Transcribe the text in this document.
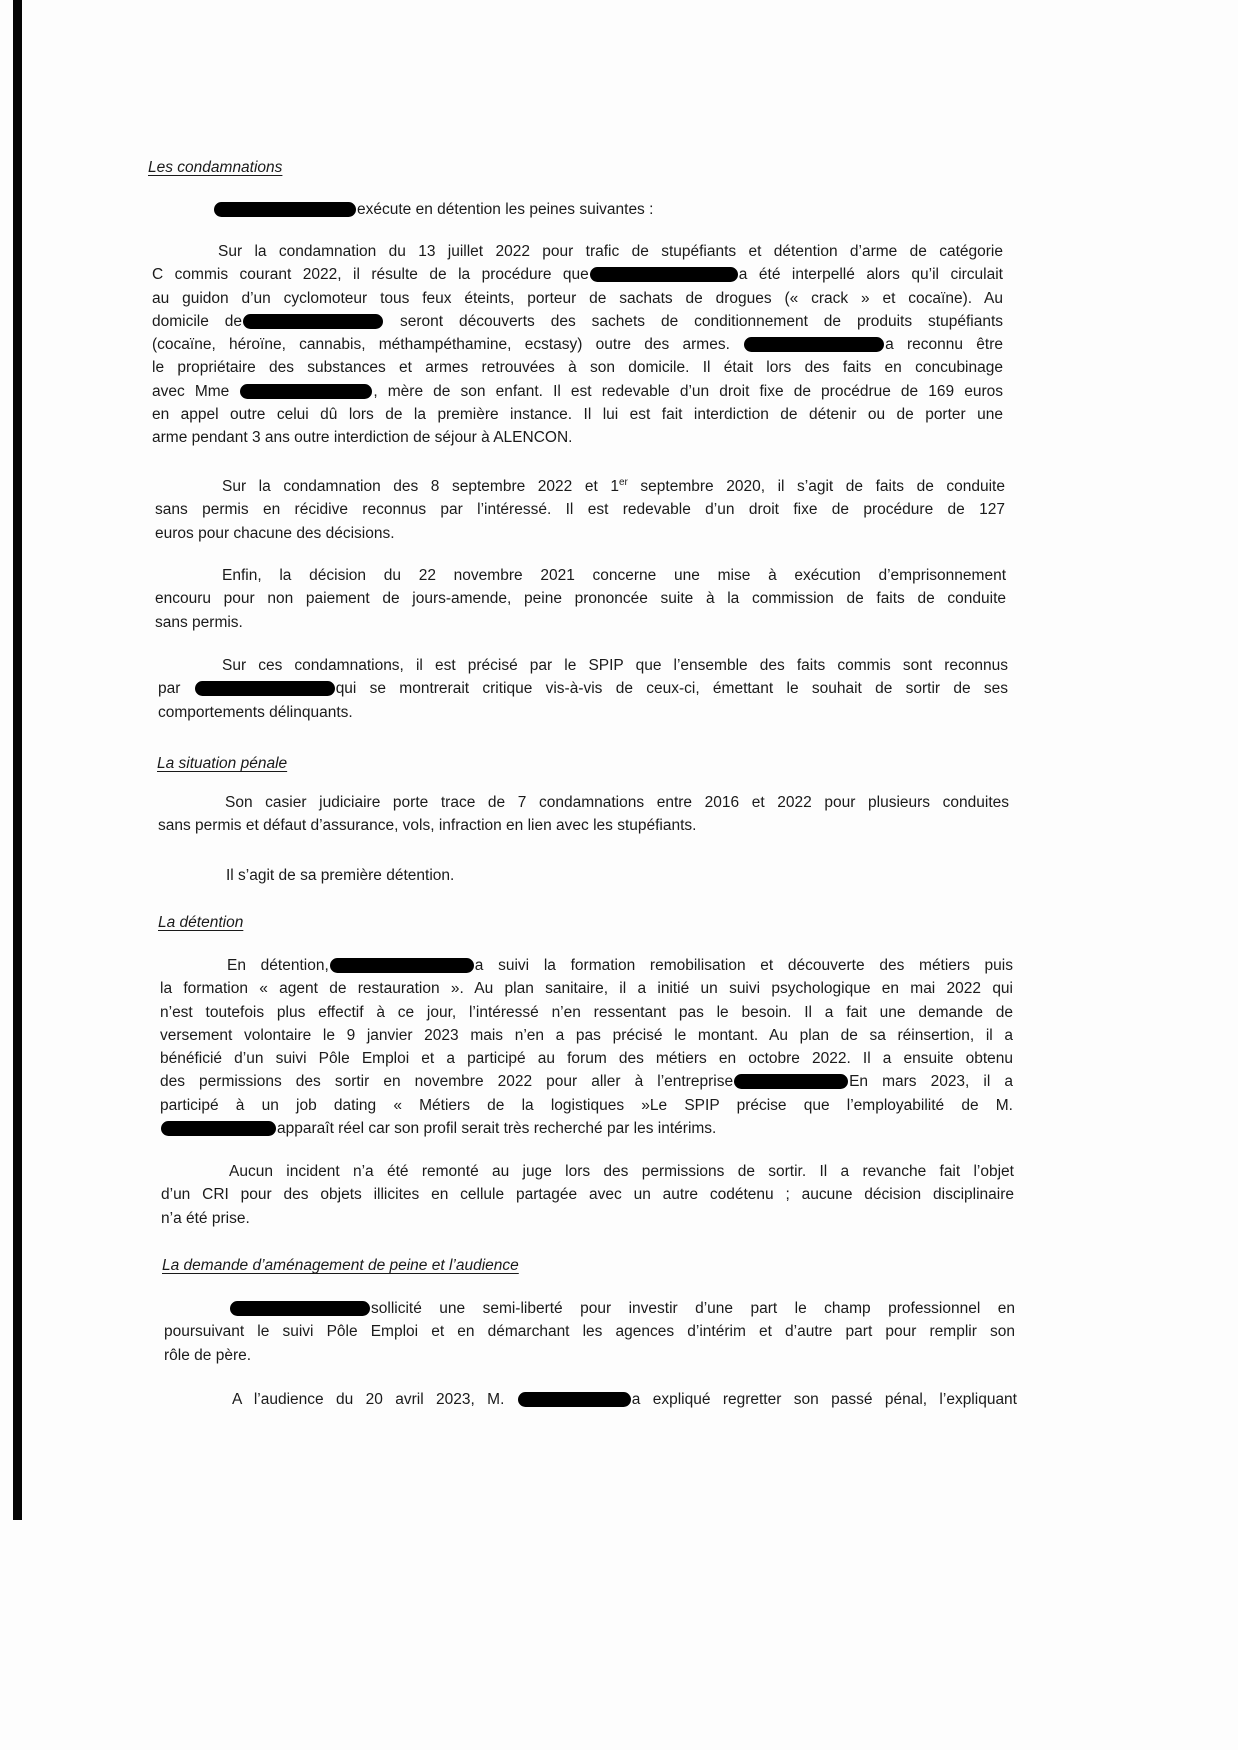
Les condamnations
exécute en détention les peines suivantes :
Sur la condamnation du 13 juillet 2022 pour trafic de stupéfiants et détention d’arme de catégorie
C commis courant 2022, il résulte de la procédure que	a été interpellé alors qu’il circulait
au guidon d’un cyclomoteur tous feux éteints, porteur de sachats de drogues (« crack » et cocaïne). Au
domicile de	seront découverts des sachets de conditionnement de produits stupéfiants
(cocaïne, héroïne, cannabis, méthampéthamine, ecstasy) outre des armes.	a reconnu être
le propriétaire des substances et armes retrouvées à son domicile. Il était lors des faits en concubinage
avec Mme	, mère de son enfant. Il est redevable d’un droit fixe de procédrue de 169 euros
en appel outre celui dû lors de la première instance. Il lui est fait interdiction de détenir ou de porter une
arme pendant 3 ans outre interdiction de séjour à ALENCON.
Sur la condamnation des 8 septembre 2022 et 1er septembre 2020, il s’agit de faits de conduite
sans permis en récidive reconnus par l’intéressé. Il est redevable d’un droit fixe de procédure de 127
euros pour chacune des décisions.
Enfin, la décision du 22 novembre 2021 concerne une mise à exécution d’emprisonnement
encouru pour non paiement de jours-amende, peine prononcée suite à la commission de faits de conduite
sans permis.
Sur ces condamnations, il est précisé par le SPIP que l’ensemble des faits commis sont reconnus
par	qui se montrerait critique vis-à-vis de ceux-ci, émettant le souhait de sortir de ses
comportements délinquants.
La situation pénale
Son casier judiciaire porte trace de 7 condamnations entre 2016 et 2022 pour plusieurs conduites
sans permis et défaut d’assurance, vols, infraction en lien avec les stupéfiants.
Il s’agit de sa première détention.
La détention
En détention,	a suivi la formation remobilisation et découverte des métiers puis
la formation « agent de restauration ». Au plan sanitaire, il a initié un suivi psychologique en mai 2022 qui
n’est toutefois plus effectif à ce jour, l’intéressé n’en ressentant pas le besoin. Il a fait une demande de
versement volontaire le 9 janvier 2023 mais n’en a pas précisé le montant. Au plan de sa réinsertion, il a
bénéficié d’un suivi Pôle Emploi et a participé au forum des métiers en octobre 2022. Il a ensuite obtenu
des permissions des sortir en novembre 2022 pour aller à l’entreprise	En mars 2023, il a
participé à un job dating « Métiers de la logistiques »Le SPIP précise que l’employabilité de M.
apparaît réel car son profil serait très recherché par les intérims.
Aucun incident n’a été remonté au juge lors des permissions de sortir. Il a revanche fait l’objet
d’un CRI pour des objets illicites en cellule partagée avec un autre codétenu ; aucune décision disciplinaire
n’a été prise.
La demande d’aménagement de peine et l’audience
sollicité une semi-liberté pour investir d’une part le champ professionnel en
poursuivant le suivi Pôle Emploi et en démarchant les agences d’intérim et d’autre part pour remplir son
rôle de père.
A l’audience du 20 avril 2023, M.	a expliqué regretter son passé pénal, l’expliquant
